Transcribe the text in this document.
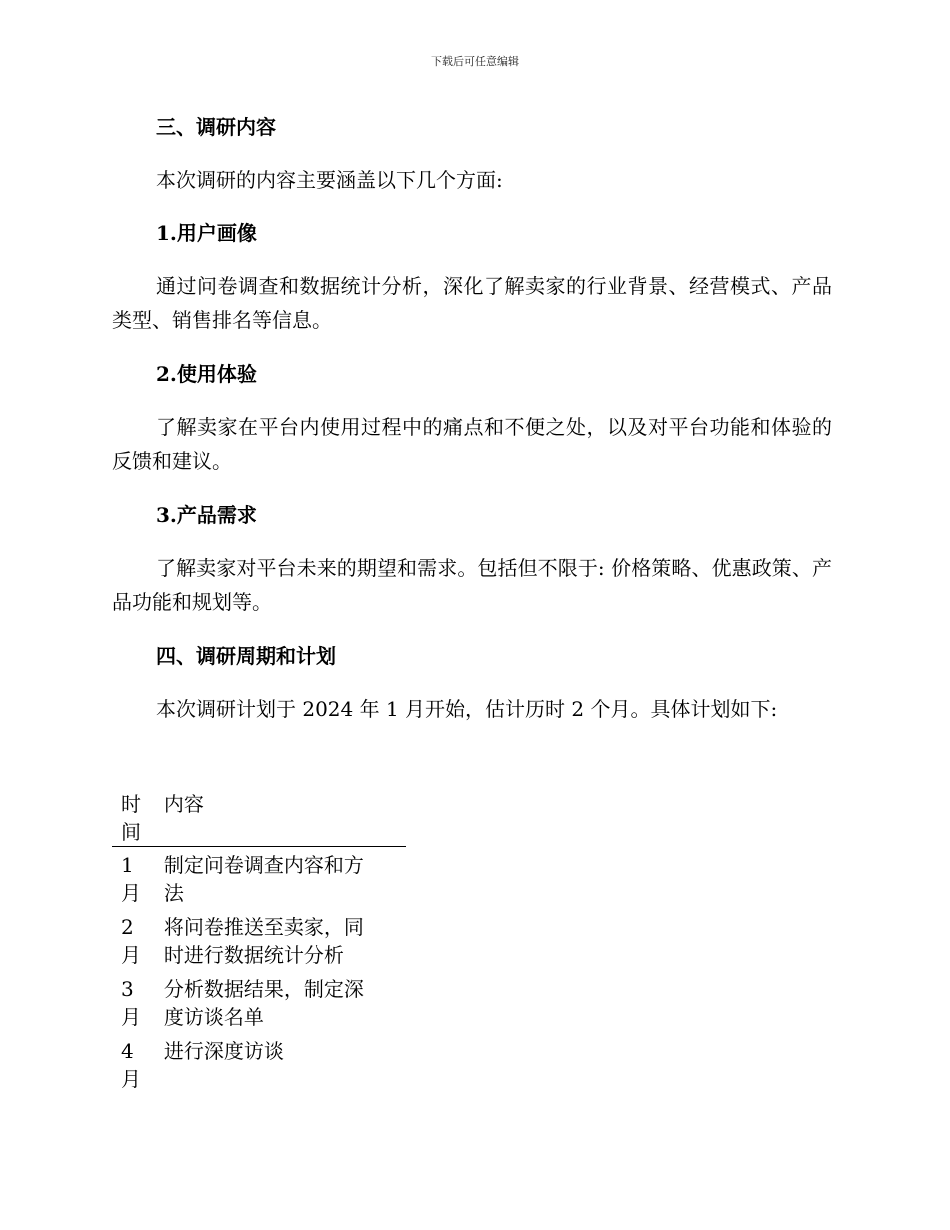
下载后可任意编辑
三、调研内容

本次调研的内容主要涵盖以下几个方面:

1.用户画像

通过问卷调查和数据统计分析，深化了解卖家的行业背景、经营模式、产品类型、销售排名等信息。

2.使用体验

了解卖家在平台内使用过程中的痛点和不便之处，以及对平台功能和体验的反馈和建议。

3.产品需求

了解卖家对平台未来的期望和需求。包括但不限于: 价格策略、优惠政策、产品功能和规划等。

四、调研周期和计划

本次调研计划于 2024 年 1 月开始，估计历时 2 个月。具体计划如下:

时间	内容
1月	制定问卷调查内容和方法
2月	将问卷推送至卖家，同时进行数据统计分析
3月	分析数据结果，制定深度访谈名单
4月	进行深度访谈
